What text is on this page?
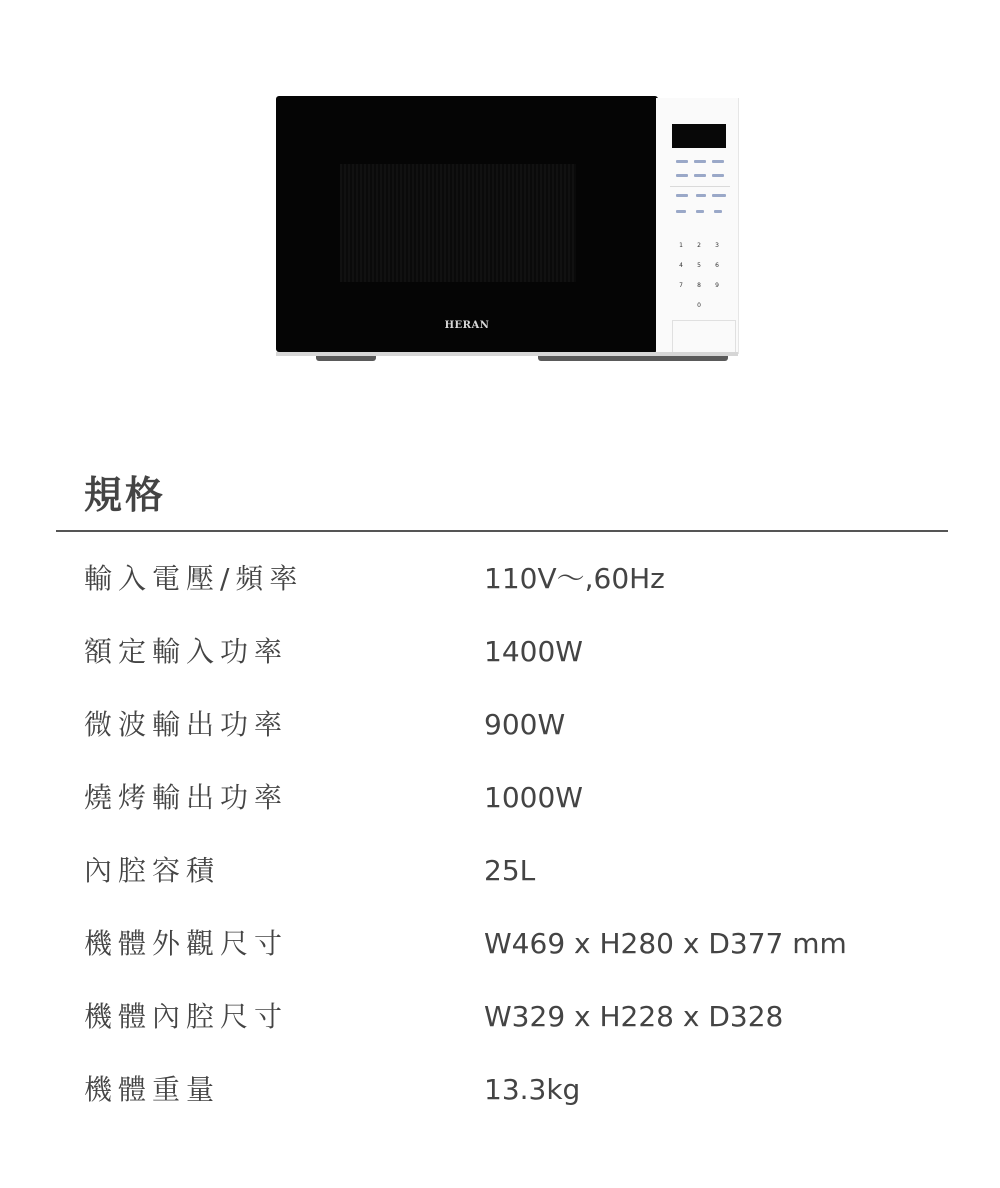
HERAN
1 2 3 4 5 6 7 8 9 0
規格
輸入電壓/頻率	110V～,60Hz
額定輸入功率	1400W
微波輸出功率	900W
燒烤輸出功率	1000W
內腔容積	25L
機體外觀尺寸	W469 x H280 x D377 mm
機體內腔尺寸	W329 x H228 x D328
機體重量	13.3kg
